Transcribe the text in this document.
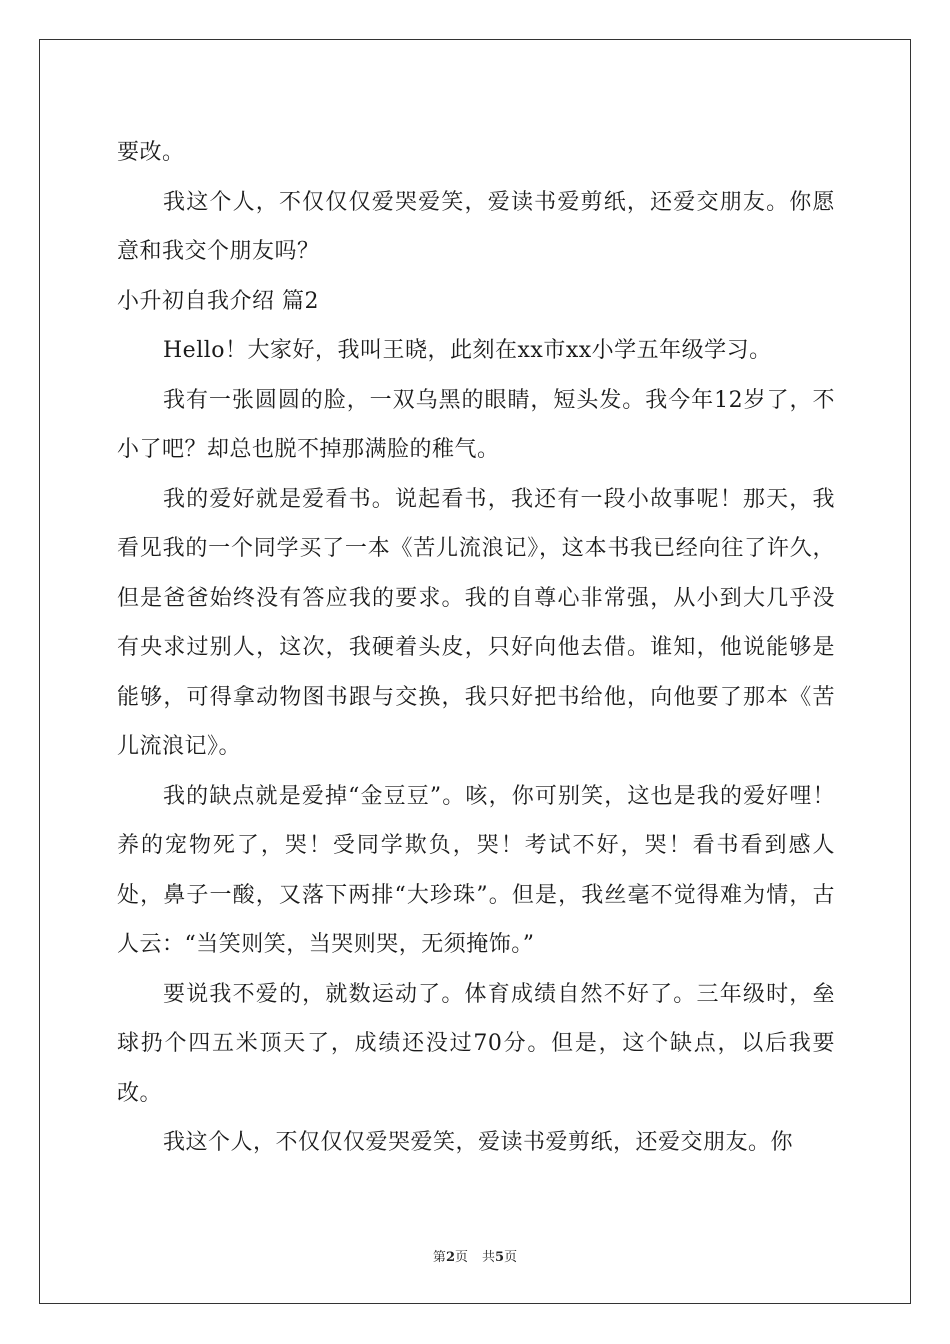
要改。

我这个人，不仅仅仅爱哭爱笑，爱读书爱剪纸，还爱交朋友。你愿意和我交个朋友吗？

小升初自我介绍 篇2

Hello！大家好，我叫王晓，此刻在xx市xx小学五年级学习。

我有一张圆圆的脸，一双乌黑的眼睛，短头发。我今年12岁了，不小了吧？却总也脱不掉那满脸的稚气。

我的爱好就是爱看书。说起看书，我还有一段小故事呢！那天，我看见我的一个同学买了一本《苦儿流浪记》，这本书我已经向往了许久，但是爸爸始终没有答应我的要求。我的自尊心非常强，从小到大几乎没有央求过别人，这次，我硬着头皮，只好向他去借。谁知，他说能够是能够，可得拿动物图书跟与交换，我只好把书给他，向他要了那本《苦儿流浪记》。

我的缺点就是爱掉“金豆豆”。咳，你可别笑，这也是我的爱好哩！养的宠物死了，哭！受同学欺负，哭！考试不好，哭！看书看到感人处，鼻子一酸，又落下两排“大珍珠”。但是，我丝毫不觉得难为情，古人云：“当笑则笑，当哭则哭，无须掩饰。”

要说我不爱的，就数运动了。体育成绩自然不好了。三年级时，垒球扔个四五米顶天了，成绩还没过70分。但是，这个缺点，以后我要改。

我这个人，不仅仅仅爱哭爱笑，爱读书爱剪纸，还爱交朋友。你

第2页 共5页
